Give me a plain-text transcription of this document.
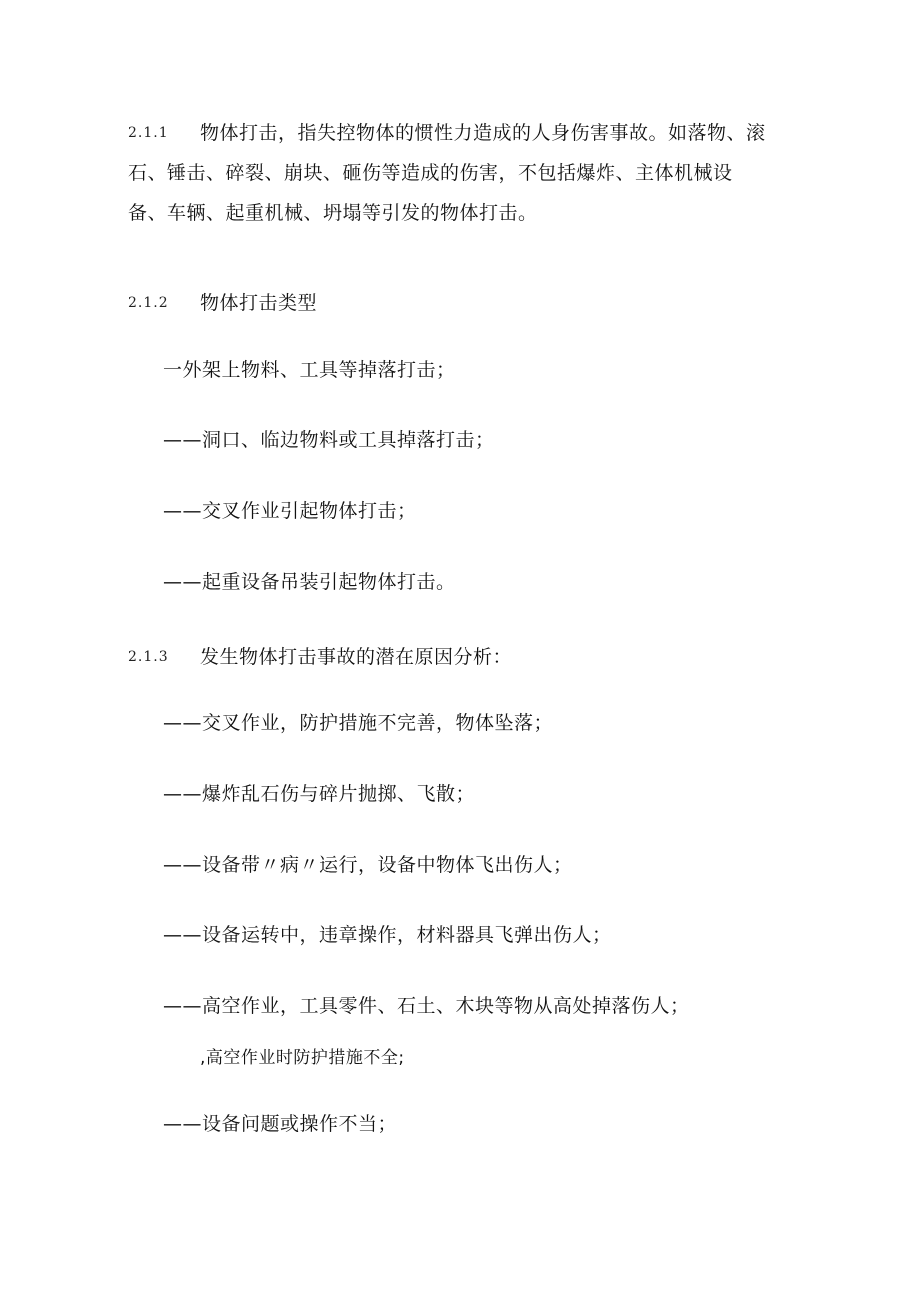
2.1.1	物体打击，指失控物体的惯性力造成的人身伤害事故。如落物、滚
石、锤击、碎裂、崩块、砸伤等造成的伤害，不包括爆炸、主体机械设
备、车辆、起重机械、坍塌等引发的物体打击。

2.1.2	物体打击类型

一外架上物料、工具等掉落打击；
——洞口、临边物料或工具掉落打击；
——交叉作业引起物体打击；
——起重设备吊装引起物体打击。
2.1.3	发生物体打击事故的潜在原因分析：

——交叉作业，防护措施不完善，物体坠落；
——爆炸乱石伤与碎片抛掷、飞散；
——设备带〃病〃运行，设备中物体飞出伤人；
——设备运转中，违章操作，材料器具飞弹出伤人；
——高空作业，工具零件、石土、木块等物从高处掉落伤人；
,高空作业时防护措施不全;
——设备问题或操作不当；
